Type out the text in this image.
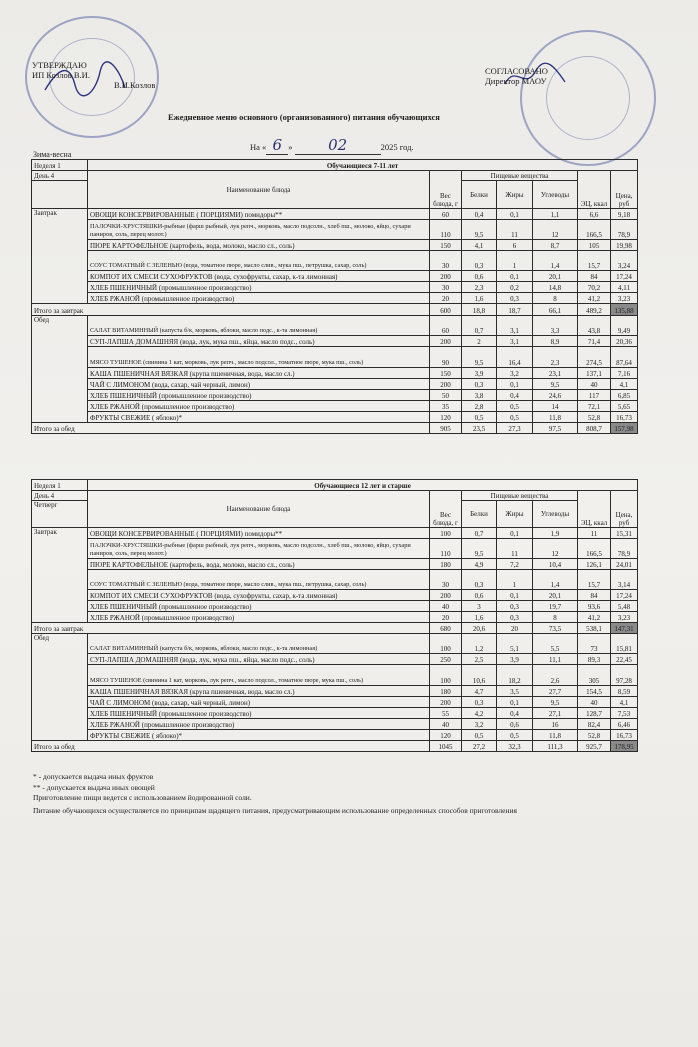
УТВЕРЖДАЮ
ИП Козлов В.И.
В.И.Козлов
СОГЛАСОВАНО
Директор МАОУ
Ежедневное меню основного (организованного) питания обучающихся
На « 6 » 02	2025 год.
Зима-весна
Неделя 1	Обучающиеся 7-11 лет						
День 4	Наименование блюда	Вес блюда, г	Пищевые вещества			ЭЦ, ккал	Цена, руб
			Белки	Жиры	Углеводы		

Завтрак	ОВОЩИ КОНСЕРВИРОВАННЫЕ ( ПОРЦИЯМИ) помидоры**	60	0,4	0,1	1,1	6,6	9,18
	ПАЛОЧКИ-ХРУСТЯШКИ-рыбные (фарш рыбный, лук репч., морковь, масло подсолн., хлеб пш., молоко, яйцо, сухари паниров, соль, перец молот.)	110	9,5	11	12	166,5	78,9
	ПЮРЕ КАРТОФЕЛЬНОЕ (картофель, вода, молоко, масло сл., соль)	150	4,1	6	8,7	105	19,98
	СОУС ТОМАТНЫЙ С ЗЕЛЕНЬЮ (вода, томатное пюре, масло слив., мука пш., петрушка, сахар, соль)	30	0,3	1	1,4	15,7	3,24
	КОМПОТ ИХ СМЕСИ СУХОФРУКТОВ (вода, сухофрукты, сахар, к-та лимонная)	200	0,6	0,1	20,1	84	17,24
	ХЛЕБ ПШЕНИЧНЫЙ (промышленное производство)	30	2,3	0,2	14,8	70,2	4,11
	ХЛЕБ РЖАНОЙ (промышленное производство)	20	1,6	0,3	8	41,2	3,23
Итого за завтрак		600	18,8	18,7	66,1	489,2	135,88
Обед	САЛАТ ВИТАМИННЫЙ (капуста б/к, морковь, яблоки, масло подс., к-та лимонная)	60	0,7	3,1	3,3	43,8	9,49
	СУП-ЛАПША ДОМАШНЯЯ (вода, лук, мука пш., яйца, масло подс., соль)	200	2	3,1	8,9	71,4	20,36
	МЯСО ТУШЕНОЕ (свинина 1 кат, морковь, лук репч., масло подсол., томатное пюре, мука пш., соль)	90	9,5	16,4	2,3	274,5	87,64
	КАША ПШЕНИЧНАЯ ВЯЗКАЯ (крупа пшеничная, вода, масло сл.)	150	3,9	3,2	23,1	137,1	7,16
	ЧАЙ С ЛИМОНОМ (вода, сахар, чай черный, лимон)	200	0,3	0,1	9,5	40	4,1
	ХЛЕБ ПШЕНИЧНЫЙ (промышленное производство)	50	3,8	0,4	24,6	117	6,85
	ХЛЕБ РЖАНОЙ (промышленное производство)	35	2,8	0,5	14	72,1	5,65
	ФРУКТЫ СВЕЖИЕ ( яблоко)*	120	0,5	0,5	11,8	52,8	16,73
Итого за обед		905	23,5	27,3	97,5	808,7	157,98
Неделя 1	Обучающиеся 12 лет и старше						
День 4	Наименование блюда	Вес блюда, г	Пищевые вещества			ЭЦ, ккал	Цена, руб
Четверг			Белки	Жиры	Углеводы		

Завтрак	ОВОЩИ КОНСЕРВИРОВАННЫЕ ( ПОРЦИЯМИ) помидоры**	100	0,7	0,1	1,9	11	15,31
	ПАЛОЧКИ-ХРУСТЯШКИ-рыбные (фарш рыбный, лук репч., морковь, масло подсолн., хлеб пш., молоко, яйцо, сухари паниров, соль, перец молот.)	110	9,5	11	12	166,5	78,9
	ПЮРЕ КАРТОФЕЛЬНОЕ (картофель, вода, молоко, масло сл., соль)	180	4,9	7,2	10,4	126,1	24,01
	СОУС ТОМАТНЫЙ С ЗЕЛЕНЬЮ (вода, томатное пюре, масло слив., мука пш., петрушка, сахар, соль)	30	0,3	1	1,4	15,7	3,14
	КОМПОТ ИХ СМЕСИ СУХОФРУКТОВ (вода, сухофрукты, сахар, к-та лимонная)	200	0,6	0,1	20,1	84	17,24
	ХЛЕБ ПШЕНИЧНЫЙ (промышленное производство)	40	3	0,3	19,7	93,6	5,48
	ХЛЕБ РЖАНОЙ (промышленное производство)	20	1,6	0,3	8	41,2	3,23
Итого за завтрак		680	20,6	20	73,5	538,1	147,31
Обед	САЛАТ ВИТАМИННЫЙ (капуста б/к, морковь, яблоки, масло подс., к-та лимонная)	100	1,2	5,1	5,5	73	15,81
	СУП-ЛАПША ДОМАШНЯЯ (вода, лук, мука пш., яйца, масло подс., соль)	250	2,5	3,9	11,1	89,3	22,45
	МЯСО ТУШЕНОЕ (свинина 1 кат, морковь, лук репч., масло подсол., томатное пюре, мука пш., соль)	100	10,6	18,2	2,6	305	97,28
	КАША ПШЕНИЧНАЯ ВЯЗКАЯ (крупа пшеничная, вода, масло сл.)	180	4,7	3,5	27,7	154,5	8,59
	ЧАЙ С ЛИМОНОМ (вода, сахар, чай черный, лимон)	200	0,3	0,1	9,5	40	4,1
	ХЛЕБ ПШЕНИЧНЫЙ (промышленное производство)	55	4,2	0,4	27,1	128,7	7,53
	ХЛЕБ РЖАНОЙ (промышленное производство)	40	3,2	0,6	16	82,4	6,46
	ФРУКТЫ СВЕЖИЕ ( яблоко)*	120	0,5	0,5	11,8	52,8	16,73
Итого за обед		1045	27,2	32,3	111,3	925,7	178,95
* - допускается выдача иных фруктов
** - допускается выдача иных овощей
Приготовление пищи ведется с использованием йодированной соли.
Питание обучающихся осуществляется по принципам щадящего питания, предусматривающим использование определенных способов приготовления
